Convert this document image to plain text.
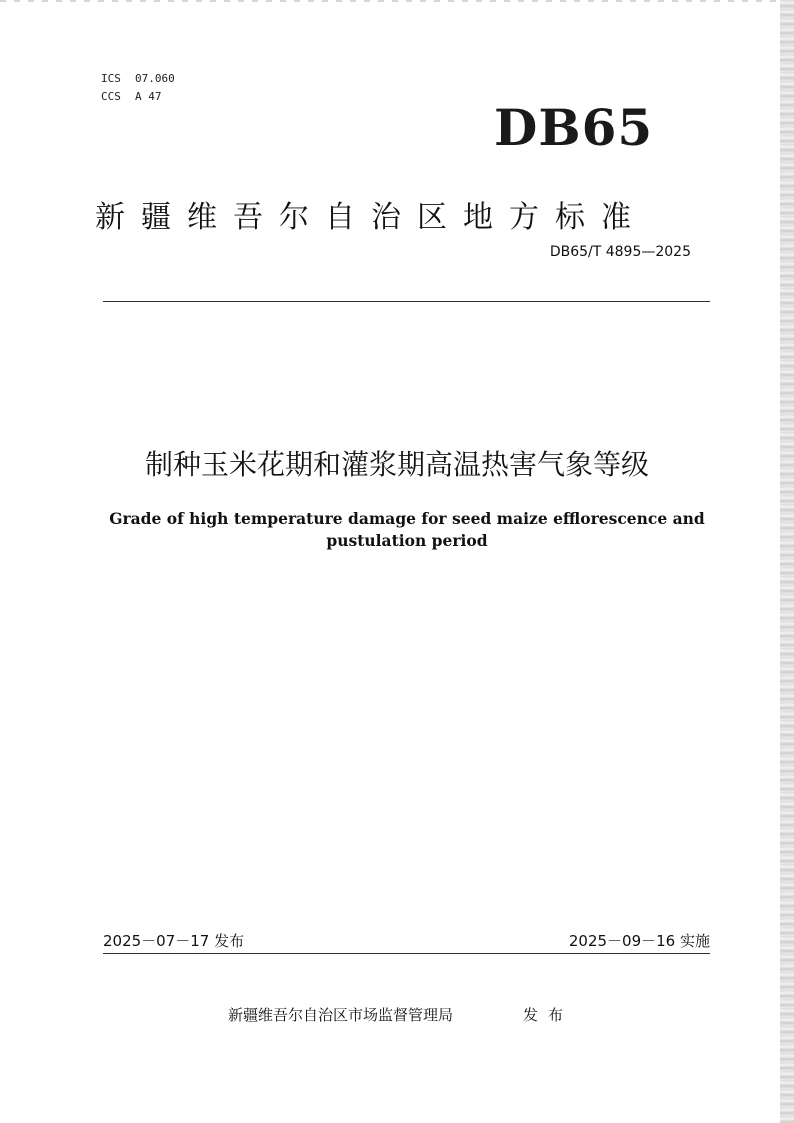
ICS 07.060
CCS A 47
DB65
新疆维吾尔自治区地方标准
DB65/T 4895—2025
制种玉米花期和灌浆期高温热害气象等级
Grade of high temperature damage for seed maize efflorescence and pustulation period
2025－07－17 发布	2025－09－16 实施
新疆维吾尔自治区市场监督管理局	发布
